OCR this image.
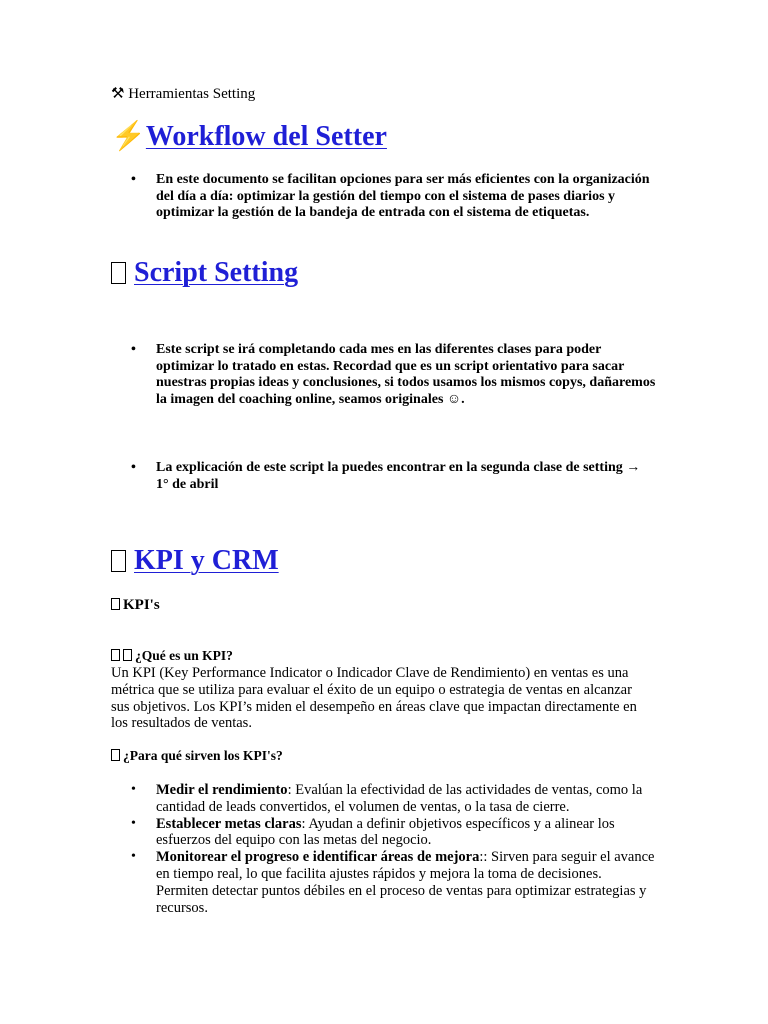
⚒ Herramientas Setting
⚡Workflow del Setter
• En este documento se facilitan opciones para ser más eficientes con la organización del día a día: optimizar la gestión del tiempo con el sistema de pases diarios y optimizar la gestión de la bandeja de entrada con el sistema de etiquetas.
Script Setting
• Este script se irá completando cada mes en las diferentes clases para poder optimizar lo tratado en estas. Recordad que es un script orientativo para sacar nuestras propias ideas y conclusiones, si todos usamos los mismos copys, dañaremos la imagen del coaching online, seamos originales ☺.
• La explicación de este script la puedes encontrar en la segunda clase de setting → 1° de abril
KPI y CRM
KPI's
¿Qué es un KPI?
Un KPI (Key Performance Indicator o Indicador Clave de Rendimiento) en ventas es una métrica que se utiliza para evaluar el éxito de un equipo o estrategia de ventas en alcanzar sus objetivos. Los KPI’s miden el desempeño en áreas clave que impactan directamente en los resultados de ventas.
¿Para qué sirven los KPI's?
• Medir el rendimiento: Evalúan la efectividad de las actividades de ventas, como la cantidad de leads convertidos, el volumen de ventas, o la tasa de cierre.
• Establecer metas claras: Ayudan a definir objetivos específicos y a alinear los esfuerzos del equipo con las metas del negocio.
• Monitorear el progreso e identificar áreas de mejora:: Sirven para seguir el avance en tiempo real, lo que facilita ajustes rápidos y mejora la toma de decisiones. Permiten detectar puntos débiles en el proceso de ventas para optimizar estrategias y recursos.
